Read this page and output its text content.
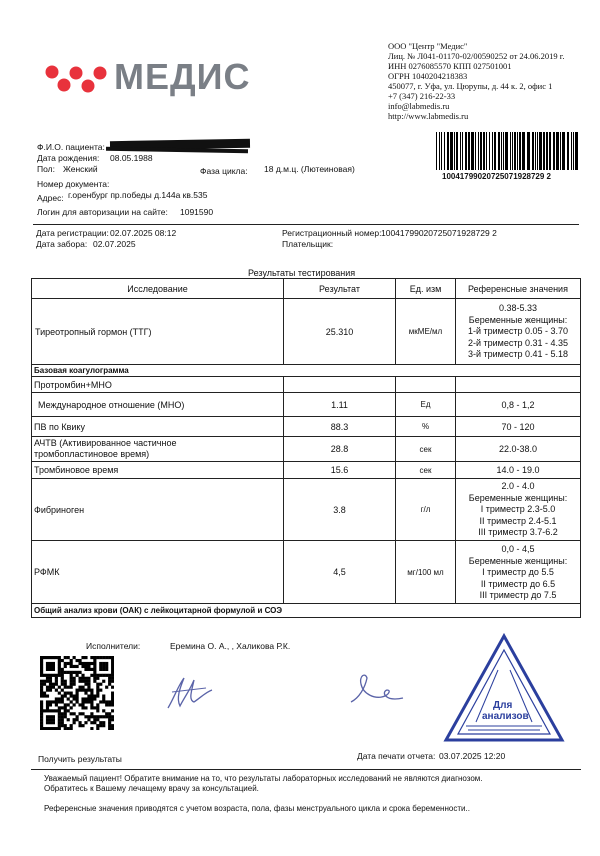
МЕДИС
ООО "Центр "Медис"
Лиц. № Л041-01170-02/00590252 от 24.06.2019 г.
ИНН 0276085570 КПП 027501001
ОГРН 1040204218383
450077, г. Уфа, ул. Цюрупы, д. 44 к. 2, офис 1
+7 (347) 216-22-33
info@labmedis.ru
http://www.labmedis.ru
Ф.И.О. пациента:
Дата рождения: 08.05.1988
Пол: Женский	Фаза цикла: 18 д.м.ц. (Лютеиновая)
Номер документа:
Адрес: г.оренбург пр.победы д.144а кв.535
Логин для авторизации на сайте: 1091590
10041799020725071928729 2
Дата регистрации: 02.07.2025 08:12
Дата забора: 02.07.2025
Регистрационный номер: 10041799020725071928729 2
Плательщик:
Результаты тестирования
Исследование	Результат	Ед. изм	Референсные значения
Тиреотропный гормон (ТТГ)	25.310	мкМЕ/мл
0.38-5.33
Беременные женщины:
1-й триместр 0.05 - 3.70
2-й триместр 0.31 - 4.35
3-й триместр 0.41 - 5.18
Базовая коагулограмма
Протромбин+МНО
Международное отношение (МНО)	1.11	Ед	0,8 - 1,2
ПВ по Квику	88.3	%	70 - 120
АЧТВ (Активированное частичное
тромбопластиновое время)	28.8	сек	22.0-38.0
Тромбиновое время	15.6	сек	14.0 - 19.0
Фибриноген	3.8	г/л
2.0 - 4.0
Беременные женщины:
I триместр 2.3-5.0
II триместр 2.4-5.1
III триместр 3.7-6.2
РФМК	4,5	мг/100 мл
0,0 - 4,5
Беременные женщины:
I триместр до 5.5
II триместр до 6.5
III триместр до 7.5
Общий анализ крови (ОАК) с лейкоцитарной формулой и СОЭ
Исполнители:	Еремина О. А., , Халикова Р.К.
Получить результаты
Для
анализов
Дата печати отчета: 03.07.2025 12:20
Уважаемый пациент! Обратите внимание на то, что результаты лабораторных исследований не являются диагнозом.
Обратитесь к Вашему лечащему врачу за консультацией.
Референсные значения приводятся с учетом возраста, пола, фазы менструального цикла и срока беременности..
